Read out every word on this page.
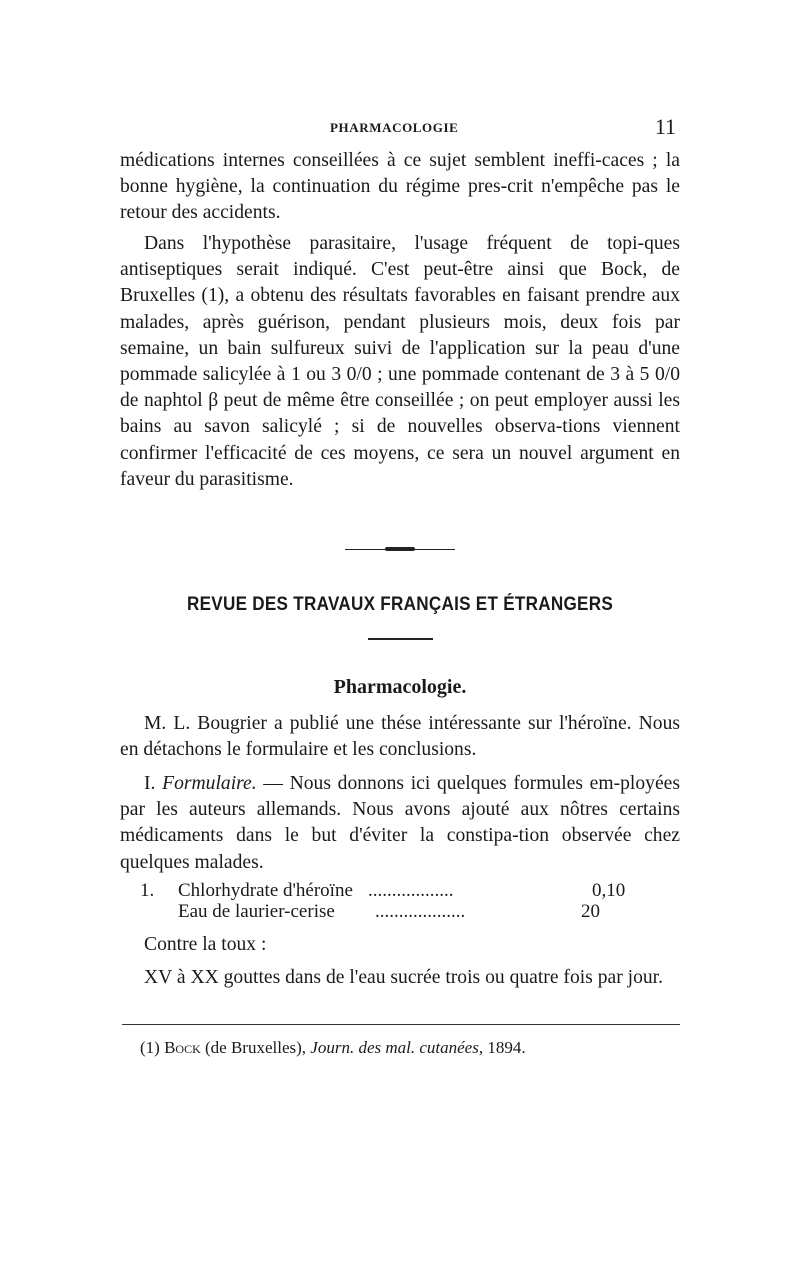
PHARMACOLOGIE	11
médications internes conseillées à ce sujet semblent ineffi-caces ; la bonne hygiène, la continuation du régime pres-crit n'empêche pas le retour des accidents.
Dans l'hypothèse parasitaire, l'usage fréquent de topi-ques antiseptiques serait indiqué. C'est peut-être ainsi que Bock, de Bruxelles (1), a obtenu des résultats favorables en faisant prendre aux malades, après guérison, pendant plusieurs mois, deux fois par semaine, un bain sulfureux suivi de l'application sur la peau d'une pommade salicylée à 1 ou 3 0/0 ; une pommade contenant de 3 à 5 0/0 de naphtol β peut de même être conseillée ; on peut employer aussi les bains au savon salicylé ; si de nouvelles observa-tions viennent confirmer l'efficacité de ces moyens, ce sera un nouvel argument en faveur du parasitisme.
REVUE DES TRAVAUX FRANÇAIS ET ÉTRANGERS
Pharmacologie.
M. L. Bougrier a publié une thése intéressante sur l'héroïne. Nous en détachons le formulaire et les conclusions.
I. Formulaire. — Nous donnons ici quelques formules em-ployées par les auteurs allemands. Nous avons ajouté aux nôtres certains médicaments dans le but d'éviter la constipa-tion observée chez quelques malades.
1. Chlorhydrate d'héroïne ..................	0,10
Eau de laurier-cerise ...................	20
Contre la toux :
XV à XX gouttes dans de l'eau sucrée trois ou quatre fois par jour.
(1) Bock (de Bruxelles), Journ. des mal. cutanées, 1894.
